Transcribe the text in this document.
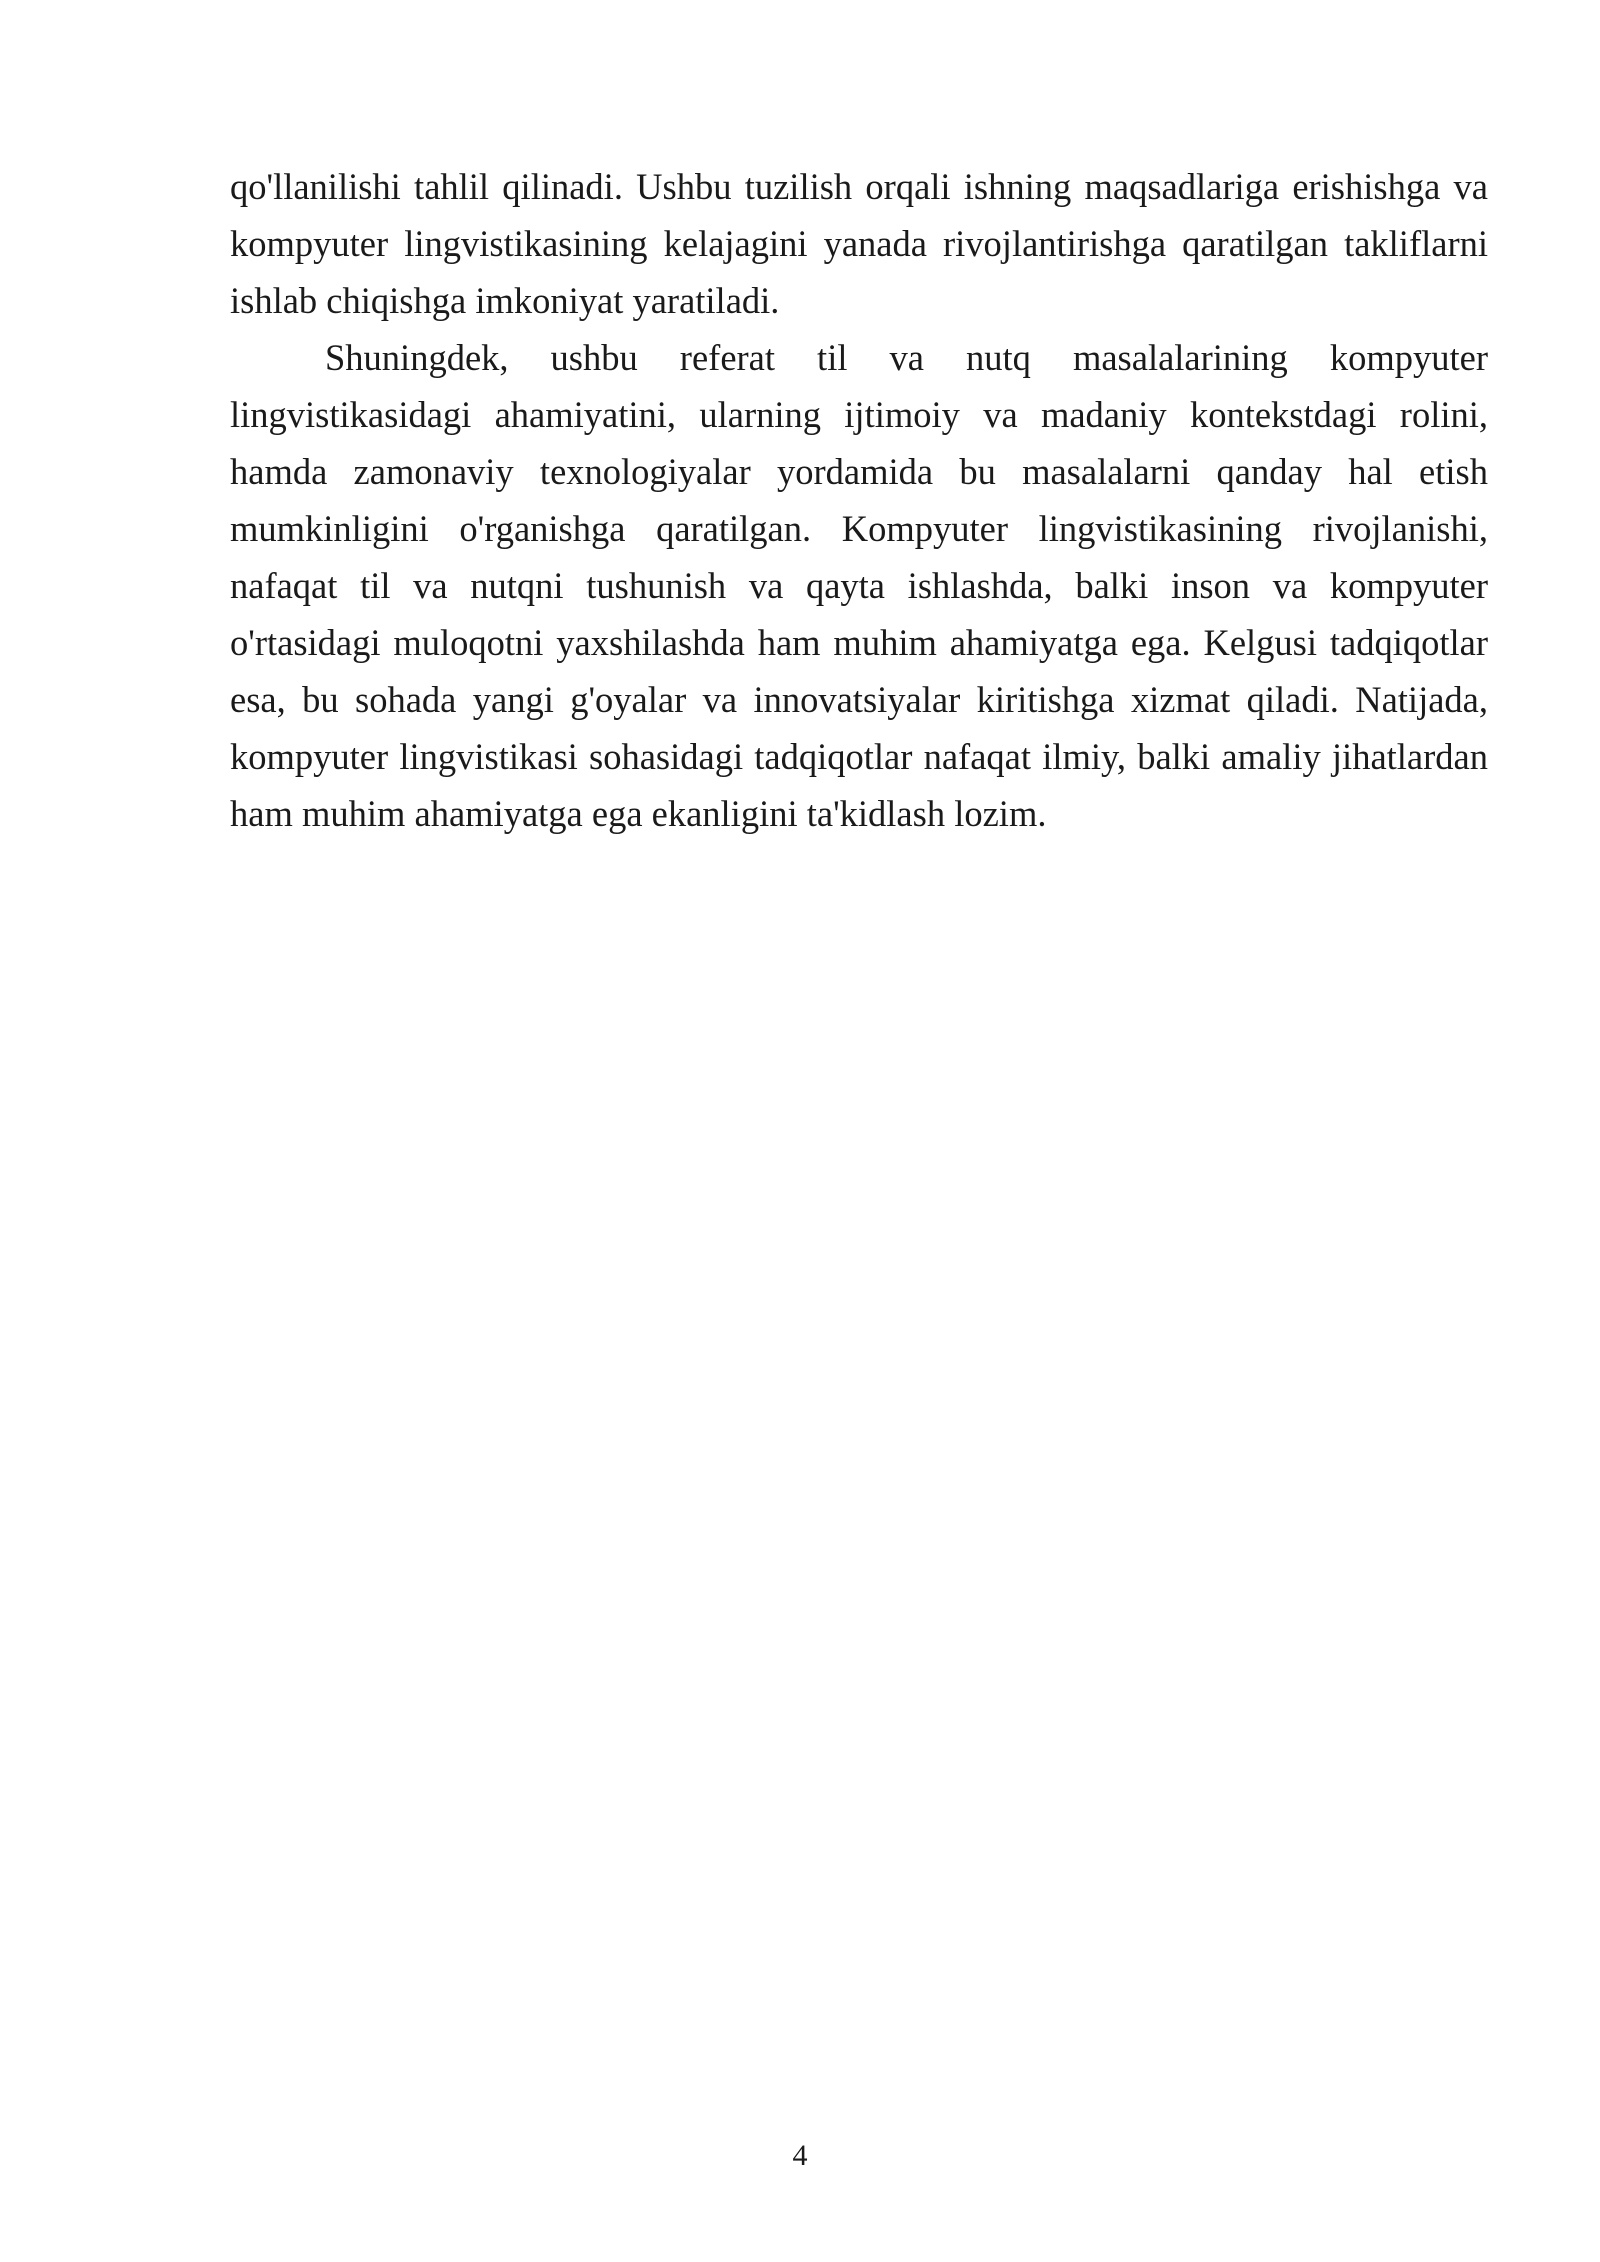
qo'llanilishi tahlil qilinadi. Ushbu tuzilish orqali ishning maqsadlariga erishishga va kompyuter lingvistikasining kelajagini yanada rivojlantirishga qaratilgan takliflarni ishlab chiqishga imkoniyat yaratiladi.

Shuningdek, ushbu referat til va nutq masalalarining kompyuter lingvistikasidagi ahamiyatini, ularning ijtimoiy va madaniy kontekstdagi rolini, hamda zamonaviy texnologiyalar yordamida bu masalalarni qanday hal etish mumkinligini o'rganishga qaratilgan. Kompyuter lingvistikasining rivojlanishi, nafaqat til va nutqni tushunish va qayta ishlashda, balki inson va kompyuter o'rtasidagi muloqotni yaxshilashda ham muhim ahamiyatga ega. Kelgusi tadqiqotlar esa, bu sohada yangi g'oyalar va innovatsiyalar kiritishga xizmat qiladi. Natijada, kompyuter lingvistikasi sohasidagi tadqiqotlar nafaqat ilmiy, balki amaliy jihatlardan ham muhim ahamiyatga ega ekanligini ta'kidlash lozim.

4
